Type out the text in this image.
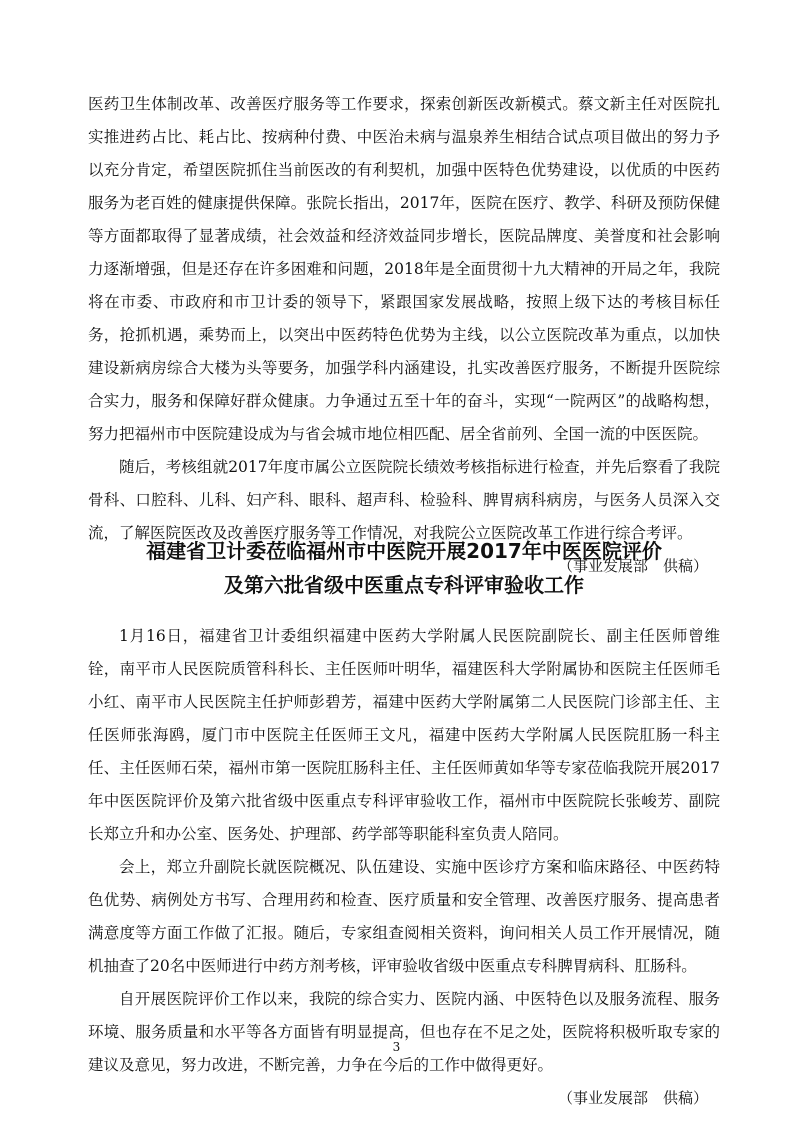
医药卫生体制改革、改善医疗服务等工作要求，探索创新医改新模式。蔡文新主任对医院扎实推进药占比、耗占比、按病种付费、中医治未病与温泉养生相结合试点项目做出的努力予以充分肯定，希望医院抓住当前医改的有利契机，加强中医特色优势建设，以优质的中医药服务为老百姓的健康提供保障。张院长指出，2017年，医院在医疗、教学、科研及预防保健等方面都取得了显著成绩，社会效益和经济效益同步增长，医院品牌度、美誉度和社会影响力逐渐增强，但是还存在许多困难和问题，2018年是全面贯彻十九大精神的开局之年，我院将在市委、市政府和市卫计委的领导下，紧跟国家发展战略，按照上级下达的考核目标任务，抢抓机遇，乘势而上，以突出中医药特色优势为主线，以公立医院改革为重点，以加快建设新病房综合大楼为头等要务，加强学科内涵建设，扎实改善医疗服务，不断提升医院综合实力，服务和保障好群众健康。力争通过五至十年的奋斗，实现“一院两区”的战略构想，努力把福州市中医院建设成为与省会城市地位相匹配、居全省前列、全国一流的中医医院。

随后，考核组就2017年度市属公立医院院长绩效考核指标进行检查，并先后察看了我院骨科、口腔科、儿科、妇产科、眼科、超声科、检验科、脾胃病科病房，与医务人员深入交流，了解医院医改及改善医疗服务等工作情况，对我院公立医院改革工作进行综合考评。

（事业发展部　供稿）

福建省卫计委莅临福州市中医院开展2017年中医医院评价
及第六批省级中医重点专科评审验收工作

1月16日，福建省卫计委组织福建中医药大学附属人民医院副院长、副主任医师曾维铨，南平市人民医院质管科科长、主任医师叶明华，福建医科大学附属协和医院主任医师毛小红、南平市人民医院主任护师彭碧芳，福建中医药大学附属第二人民医院门诊部主任、主任医师张海鸥，厦门市中医院主任医师王文凡，福建中医药大学附属人民医院肛肠一科主任、主任医师石荣，福州市第一医院肛肠科主任、主任医师黄如华等专家莅临我院开展2017年中医医院评价及第六批省级中医重点专科评审验收工作，福州市中医院院长张峻芳、副院长郑立升和办公室、医务处、护理部、药学部等职能科室负责人陪同。

会上，郑立升副院长就医院概况、队伍建设、实施中医诊疗方案和临床路径、中医药特色优势、病例处方书写、合理用药和检查、医疗质量和安全管理、改善医疗服务、提高患者满意度等方面工作做了汇报。随后，专家组查阅相关资料，询问相关人员工作开展情况，随机抽查了20名中医师进行中药方剂考核，评审验收省级中医重点专科脾胃病科、肛肠科。

自开展医院评价工作以来，我院的综合实力、医院内涵、中医特色以及服务流程、服务环境、服务质量和水平等各方面皆有明显提高，但也存在不足之处，医院将积极听取专家的建议及意见，努力改进，不断完善，力争在今后的工作中做得更好。

（事业发展部　供稿）

3
